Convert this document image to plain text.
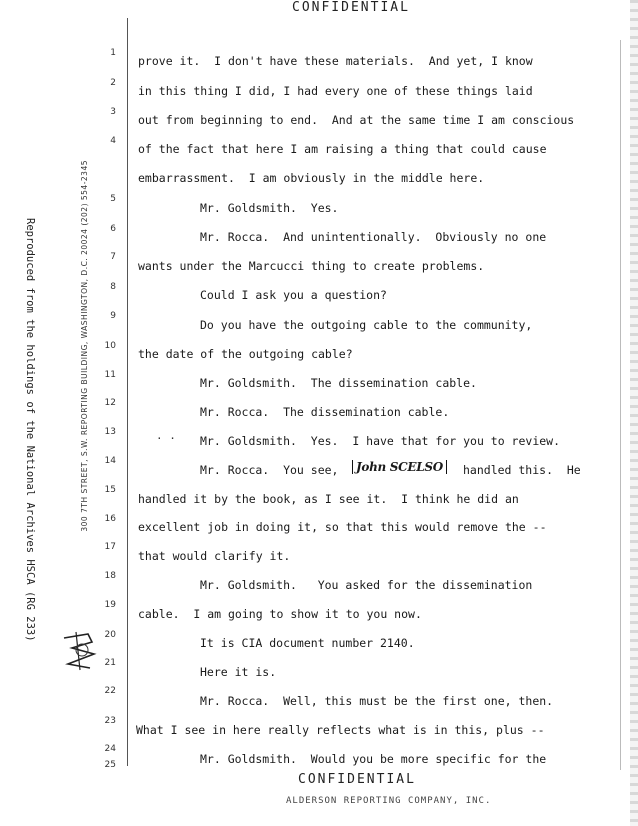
CONFIDENTIAL
Reproduced from the holdings of the National Archives HSCA (RG 233)	300 7TH STREET, S.W. REPORTING BUILDING, WASHINGTON, D.C. 20024 (202) 554-2345
1
2
3
4
5
6
7
8
9
10
11
12
13
14
15
16
17
18
19
20
21
22
23
24
25
prove it.  I don't have these materials.  And yet, I know
in this thing I did, I had every one of these things laid
out from beginning to end.  And at the same time I am conscious
of the fact that here I am raising a thing that could cause
embarrassment.  I am obviously in the middle here.
Mr. Goldsmith.  Yes.
Mr. Rocca.  And unintentionally.  Obviously no one
wants under the Marcucci thing to create problems.
Could I ask you a question?
Do you have the outgoing cable to the community,
the date of the outgoing cable?
Mr. Goldsmith.  The dissemination cable.
Mr. Rocca.  The dissemination cable.
· · Mr. Goldsmith.  Yes.  I have that for you to review.
Mr. Rocca.  You see,	John SCELSO	handled this.  He
handled it by the book, as I see it.  I think he did an
excellent job in doing it, so that this would remove the --
that would clarify it.
Mr. Goldsmith.   You asked for the dissemination
cable.  I am going to show it to you now.
It is CIA document number 2140.
Here it is.
Mr. Rocca.  Well, this must be the first one, then.
What I see in here really reflects what is in this, plus --
Mr. Goldsmith.  Would you be more specific for the
CONFIDENTIAL
ALDERSON REPORTING COMPANY, INC.
